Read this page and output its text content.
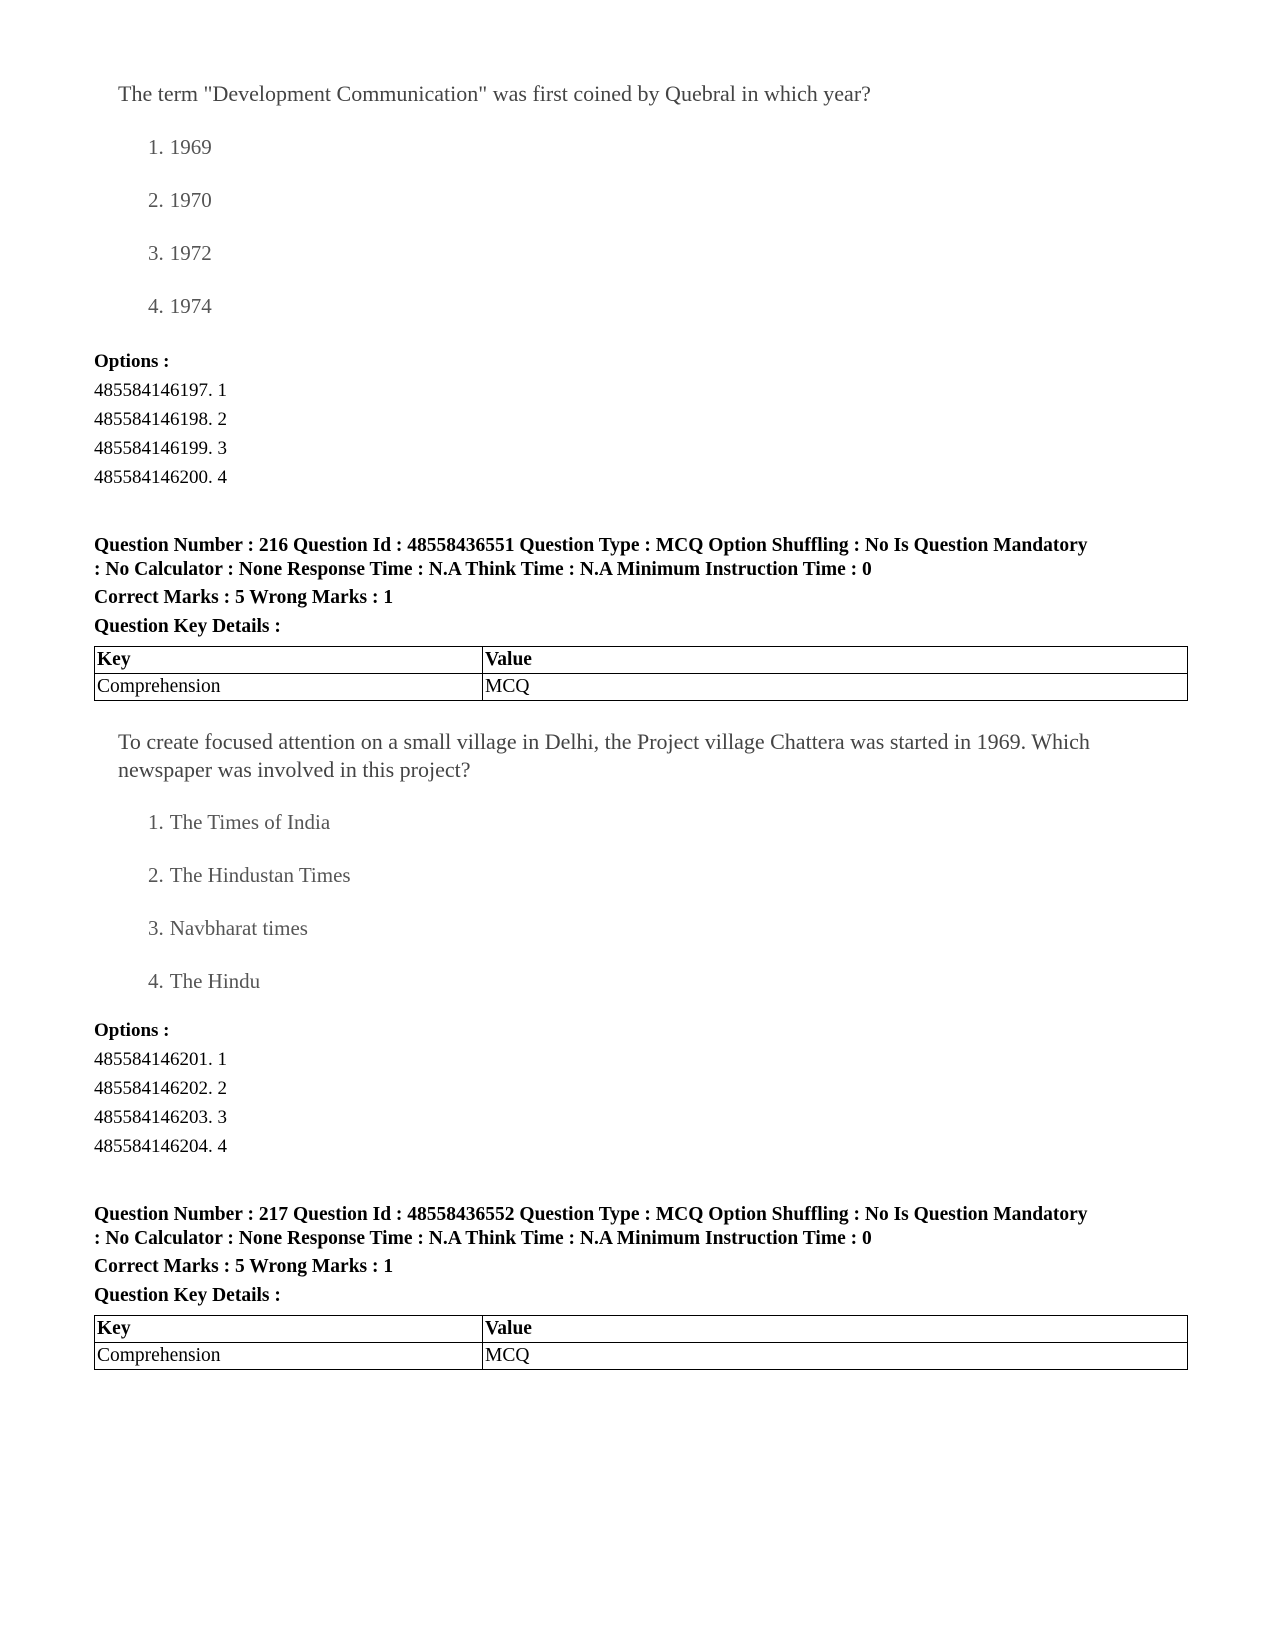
The term "Development Communication" was first coined by Quebral in which year?

1. 1969
2. 1970
3. 1972
4. 1974
Options :
485584146197. 1
485584146198. 2
485584146199. 3
485584146200. 4
Question Number : 216 Question Id : 48558436551 Question Type : MCQ Option Shuffling : No Is Question Mandatory
: No Calculator : None Response Time : N.A Think Time : N.A Minimum Instruction Time : 0
Correct Marks : 5 Wrong Marks : 1
Question Key Details :
Key	Value
Comprehension	MCQ

To create focused attention on a small village in Delhi, the Project village Chattera was started in 1969. Which
newspaper was involved in this project?

1. The Times of India
2. The Hindustan Times
3. Navbharat times
4. The Hindu
Options :
485584146201. 1
485584146202. 2
485584146203. 3
485584146204. 4
Question Number : 217 Question Id : 48558436552 Question Type : MCQ Option Shuffling : No Is Question Mandatory
: No Calculator : None Response Time : N.A Think Time : N.A Minimum Instruction Time : 0
Correct Marks : 5 Wrong Marks : 1
Question Key Details :
Key	Value
Comprehension	MCQ
